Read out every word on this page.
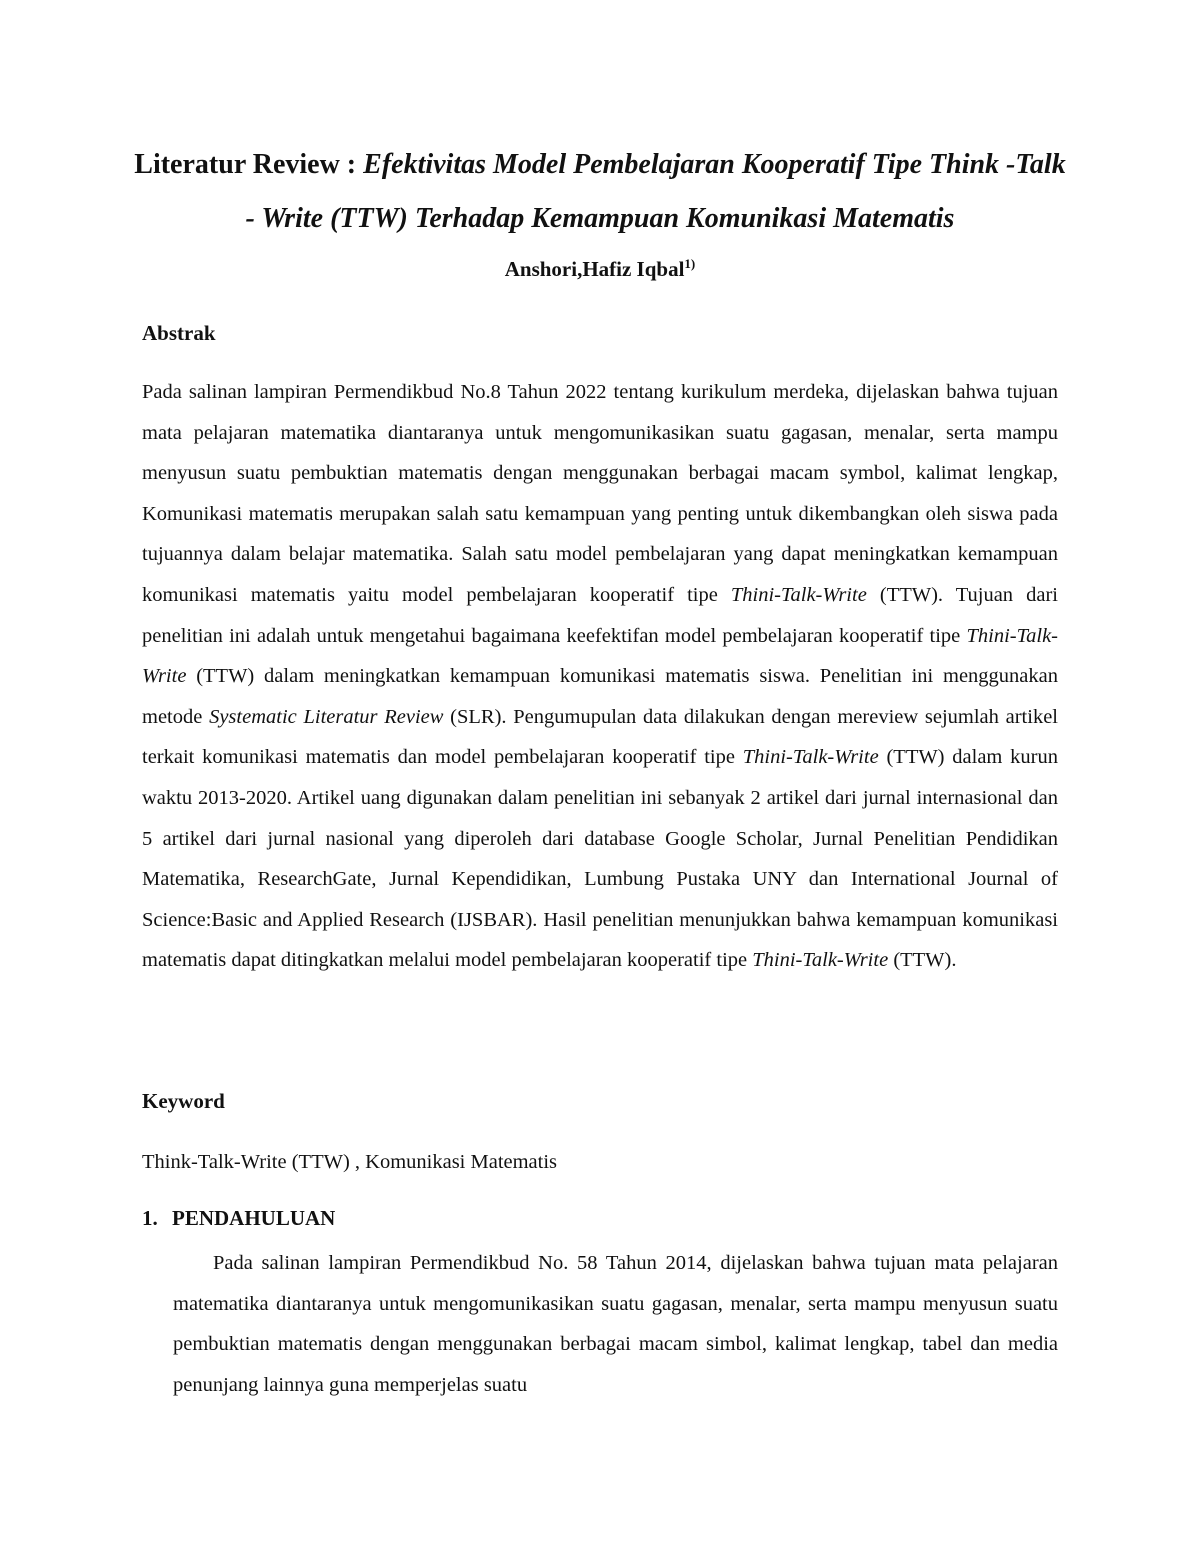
Literatur Review : Efektivitas Model Pembelajaran Kooperatif Tipe Think -Talk - Write (TTW) Terhadap Kemampuan Komunikasi Matematis

Anshori,Hafiz Iqbal$^{1)}$

Abstrak

Pada salinan lampiran Permendikbud No.8 Tahun 2022 tentang kurikulum merdeka, dijelaskan bahwa tujuan mata pelajaran matematika diantaranya untuk mengomunikasikan suatu gagasan, menalar, serta mampu menyusun suatu pembuktian matematis dengan menggunakan berbagai macam symbol, kalimat lengkap, Komunikasi matematis merupakan salah satu kemampuan yang penting untuk dikembangkan oleh siswa pada tujuannya dalam belajar matematika. Salah satu model pembelajaran yang dapat meningkatkan kemampuan komunikasi matematis yaitu model pembelajaran kooperatif tipe Thini-Talk-Write (TTW). Tujuan dari penelitian ini adalah untuk mengetahui bagaimana keefektifan model pembelajaran kooperatif tipe Thini-Talk-Write (TTW) dalam meningkatkan kemampuan komunikasi matematis siswa. Penelitian ini menggunakan metode Systematic Literatur Review (SLR). Pengumupulan data dilakukan dengan mereview sejumlah artikel terkait komunikasi matematis dan model pembelajaran kooperatif tipe Thini-Talk-Write (TTW) dalam kurun waktu 2013-2020. Artikel uang digunakan dalam penelitian ini sebanyak 2 artikel dari jurnal internasional dan 5 artikel dari jurnal nasional yang diperoleh dari database Google Scholar, Jurnal Penelitian Pendidikan Matematika, ResearchGate, Jurnal Kependidikan, Lumbung Pustaka UNY dan International Journal of Science:Basic and Applied Research (IJSBAR). Hasil penelitian menunjukkan bahwa kemampuan komunikasi matematis dapat ditingkatkan melalui model pembelajaran kooperatif tipe Thini-Talk-Write (TTW).

Keyword

Think-Talk-Write (TTW) , Komunikasi Matematis

1. PENDAHULUAN

Pada salinan lampiran Permendikbud No. 58 Tahun 2014, dijelaskan bahwa tujuan mata pelajaran matematika diantaranya untuk mengomunikasikan suatu gagasan, menalar, serta mampu menyusun suatu pembuktian matematis dengan menggunakan berbagai macam simbol, kalimat lengkap, tabel dan media penunjang lainnya guna memperjelas suatu
